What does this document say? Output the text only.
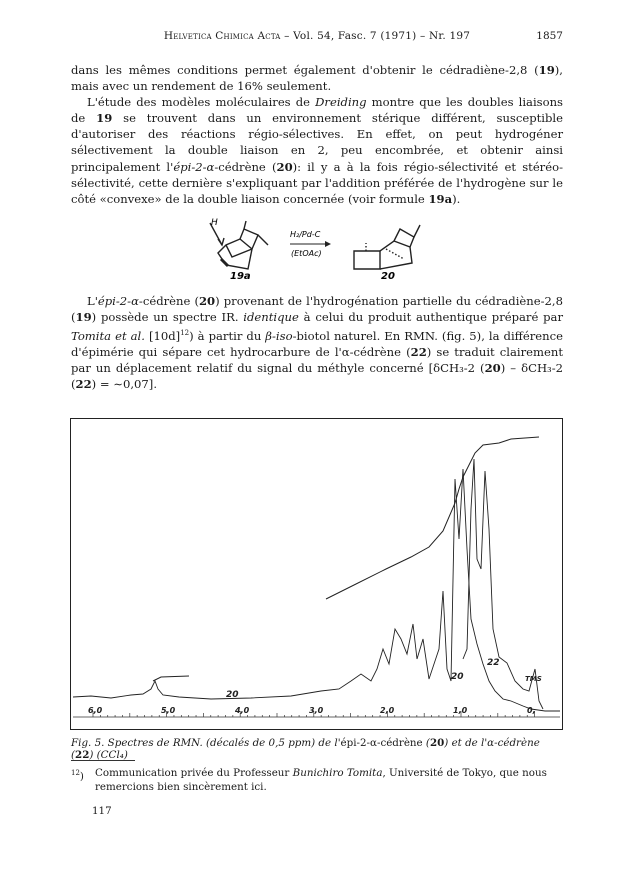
Helvetica Chimica Acta – Vol. 54, Fasc. 7 (1971) – Nr. 197	1857

dans les mêmes conditions permet également d'obtenir le cédradiène-2,8 (19), mais avec un rendement de 16% seulement.

L'étude des modèles moléculaires de Dreiding montre que les doubles liaisons de 19 se trouvent dans un environnement stérique différent, susceptible d'autoriser des réactions régio-sélectives. En effet, on peut hydrogéner sélectivement la double liaison en 2, peu encombrée, et obtenir ainsi principalement l'épi-2-α-cédrène (20): il y a à la fois régio-sélectivité et stéréo-sélectivité, cette dernière s'expliquant par l'addition préférée de l'hydrogène sur le côté «convexe» de la double liaison concernée (voir formule 19a).

H
19a
H₂/Pd-C
(EtOAc)
20

L'épi-2-α-cédrène (20) provenant de l'hydrogénation partielle du cédradiène-2,8 (19) possède un spectre IR. identique à celui du produit authentique préparé par Tomita et al. $[10d]^{12}$) à partir du β-iso-biotol naturel. En RMN. (fig. 5), la différence d'épimérie qui sépare cet hydrocarbure de l'α-cédrène (22) se traduit clairement par un déplacement relatif du signal du méthyle concerné [δCH₃-2 (20) – δCH₃-2 (22) = ∼0,07].

6,0	5,0	4,0	3,0	2,0	1,0	0,
20
20
22
TMS
Fig. 5. Spectres de RMN. (décalés de 0,5 ppm) de l'épi-2-α-cédrène (20) et de l'α-cédrène (22) (CCl₄)
$^{12}$) Communication privée du Professeur Bunichiro Tomita, Université de Tokyo, que nous remercions bien sincèrement ici.
117
